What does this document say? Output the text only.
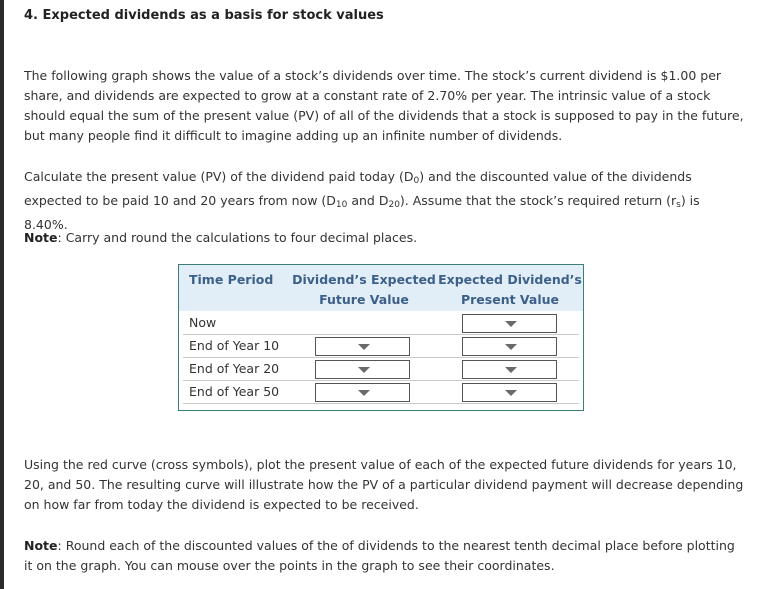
4. Expected dividends as a basis for stock values

The following graph shows the value of a stock’s dividends over time. The stock’s current dividend is $1.00 per share, and dividends are expected to grow at a constant rate of 2.70% per year. The intrinsic value of a stock should equal the sum of the present value (PV) of all of the dividends that a stock is supposed to pay in the future, but many people find it difficult to imagine adding up an infinite number of dividends.

Calculate the present value (PV) of the dividend paid today $(D_0)$ and the discounted value of the dividends expected to be paid 10 and 20 years from now ($D_{10}$ and $D_{20}$). Assume that the stock’s required return $(r_s)$ is 8.40%.

Note: Carry and round the calculations to four decimal places.

Using the red curve (cross symbols), plot the present value of each of the expected future dividends for years 10, 20, and 50. The resulting curve will illustrate how the PV of a particular dividend payment will decrease depending on how far from today the dividend is expected to be received.

Note: Round each of the discounted values of the of dividends to the nearest tenth decimal place before plotting it on the graph. You can mouse over the points in the graph to see their coordinates.

Time Period Dividend’s Expected
Future Value
Expected Dividend’s
Present Value
Now
End of Year 10
End of Year 20
End of Year 50
